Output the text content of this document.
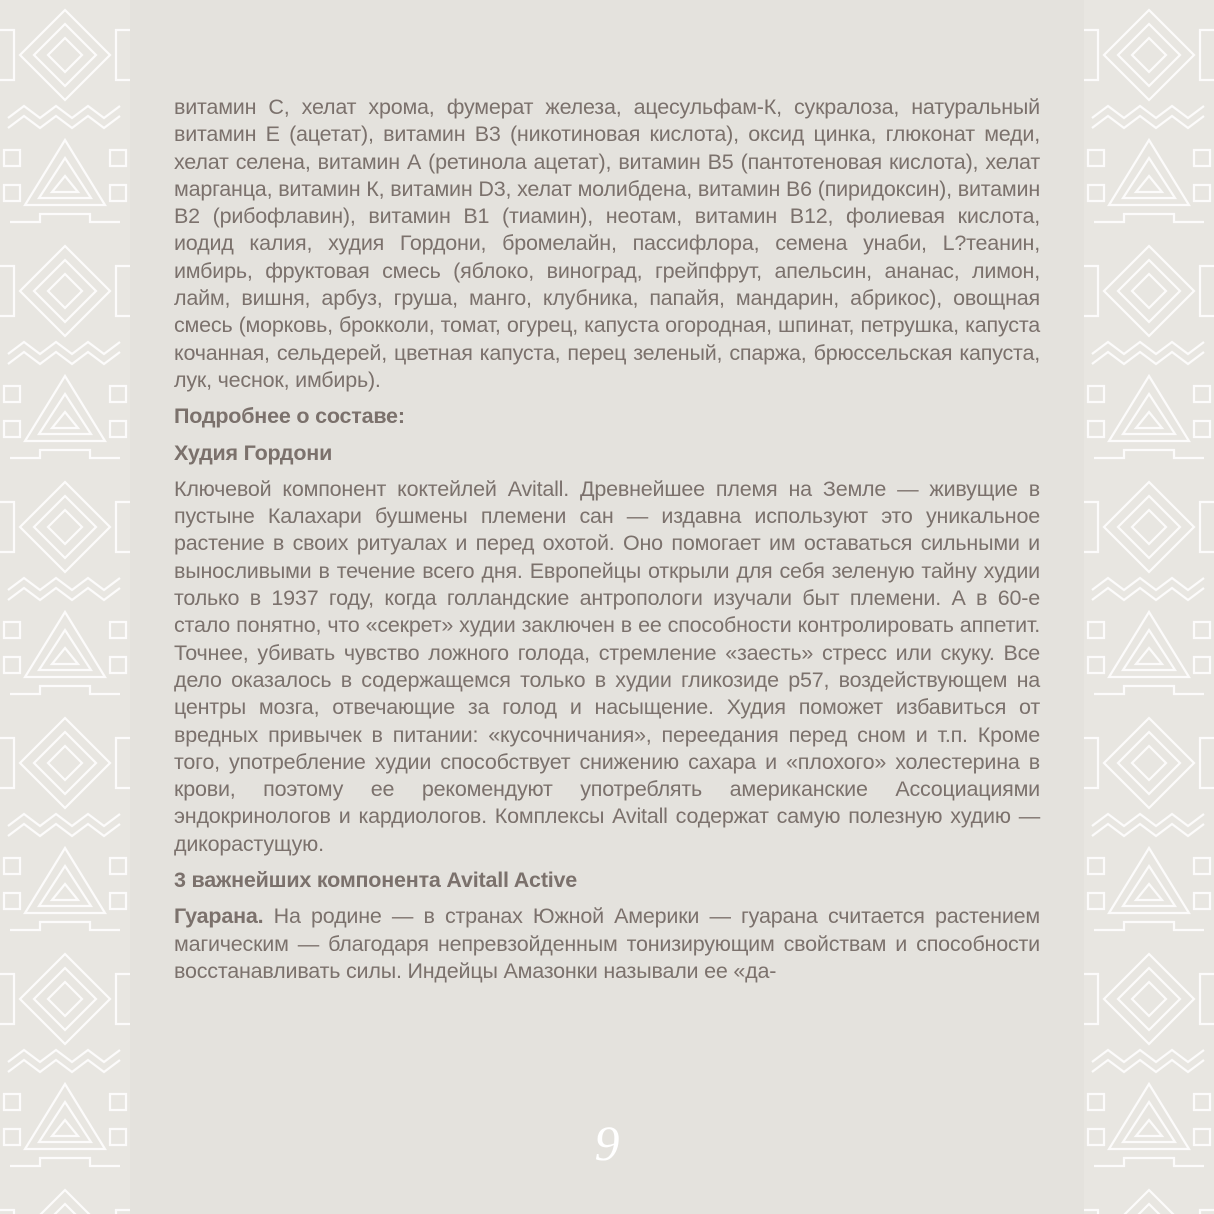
витамин С, хелат хрома, фумерат железа, ацесульфам-К, сукралоза, натуральный витамин Е (ацетат), витамин В3 (никотиновая кислота), оксид цинка, глюконат меди, хелат селена, витамин А (ретинола ацетат), витамин В5 (пантотеновая кислота), хелат марганца, витамин К, витамин D3, хелат молибдена, витамин В6 (пиридоксин), витамин В2 (рибофлавин), витамин В1 (тиамин), неотам, витамин В12, фолиевая кислота, иодид калия, худия Гордони, бромелайн, пассифлора, семена унаби, L?теанин, имбирь, фруктовая смесь (яблоко, виноград, грейпфрут, апельсин, ананас, лимон, лайм, вишня, арбуз, груша, манго, клубника, папайя, мандарин, абрикос), овощная смесь (морковь, брокколи, томат, огурец, капуста огородная, шпинат, петрушка, капуста кочанная, сельдерей, цветная капуста, перец зеленый, спаржа, брюссельская капуста, лук, чеснок, имбирь).

Подробнее о составе:

Худия Гордони

Ключевой компонент коктейлей Avitall. Древнейшее племя на Земле — живущие в пустыне Калахари бушмены племени сан — издавна используют это уникальное растение в своих ритуалах и перед охотой. Оно помогает им оставаться сильными и выносливыми в течение всего дня. Европейцы открыли для себя зеленую тайну худии только в 1937 году, когда голландские антропологи изучали быт племени. А в 60-е стало понятно, что «секрет» худии заключен в ее способности контролировать аппетит. Точнее, убивать чувство ложного голода, стремление «заесть» стресс или скуку. Все дело оказалось в содержащемся только в худии гликозиде p57, воздействующем на центры мозга, отвечающие за голод и насыщение. Худия поможет избавиться от вредных привычек в питании: «кусочничания», переедания перед сном и т.п. Кроме того, употребление худии способствует снижению сахара и «плохого» холестерина в крови, поэтому ее рекомендуют употреблять американские Ассоциациями эндокринологов и кардиологов. Комплексы Avitall содержат самую полезную худию — дикорастущую.

3 важнейших компонента Avitall Active

Гуарана. На родине — в странах Южной Америки — гуарана считается растением магическим — благодаря непревзойденным тонизирующим свойствам и способности восстанавливать силы. Индейцы Амазонки называли ее «да-

9
